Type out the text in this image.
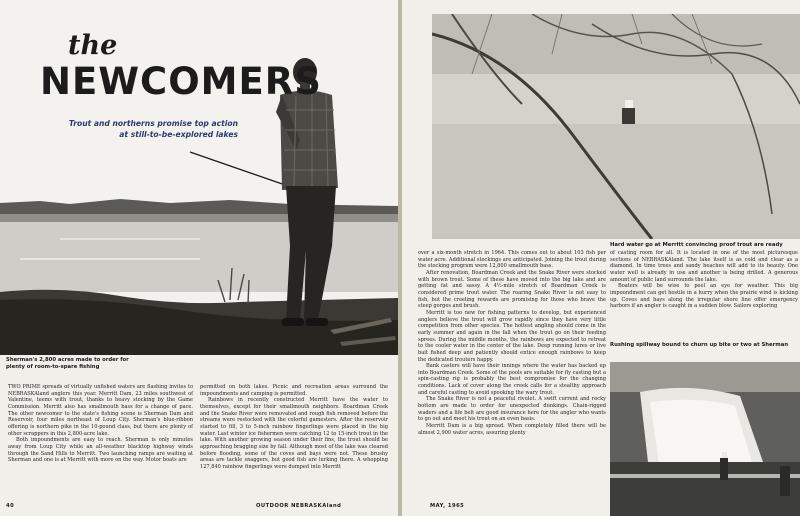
the
NEWCOMERS
Trout and northerns promise top action at still-to-be-explored lakes
Sherman's 2,800 acres made to order for plenty of room-to-spare fishing

TWO PRIME spreads of virtually unfished waters are flashing invites to NEBRASKAland anglers this year. Merritt Dam, 23 miles southwest of Valentine, teems with trout, thanks to heavy stocking by the Game Commission. Merritt also has smallmouth bass for a change of pace. The other newcomer to the state's fishing scene is Sherman Dam and Reservoir, four miles northeast of Loup City. Sherman's blue-ribbon offering is northern pike in the 10-pound class, but there are plenty of other scrappers in this 2,800-acre lake.

Both impoundments are easy to reach. Sherman is only minutes away from Loup City while an all-weather blacktop highway winds through the Sand Hills to Merritt. Two launching ramps are waiting at Sherman and one is at Merritt with more on the way. Motor boats are

permitted on both lakes. Picnic and recreation areas surround the impoundments and camping is permitted.

Rainbows in recently constructed Merritt have the water to themselves, except for their smallmouth neighbors. Boardman Creek and the Snake River were removated and rough fish removed before the streams were restocked with the colorful gamesters. After the reservoir started to fill, 3 to 5-inch rainbow fingerlings were placed in the big water. Last winter ice fishermen were catching 12 to 15-inch trout in the lake. With another growing season under their fins, the trout should be approaching bragging size by fall. Although most of the lake was cleared before flooding, some of the coves and bays were not. These brushy areas are tackle snaggers, but good fish are lurking there. A whopping 127,840 rainbow fingerlings were dumped into Merritt

40	OUTDOOR NEBRASKAland
Hard water go at Merritt convincing proof trout are ready

over a six-month stretch in 1964. This comes out to about 103 fish per water acre. Additional stockings are anticipated. Joining the trout during the stocking program were 12,800 smallmouth bass.

After renovation, Boardman Creek and the Snake River were stocked with brown trout. Some of these have moved into the big lake and are getting fat and sassy. A 4½-mile stretch of Boardman Creek is considered prime trout water. The roaring Snake River is not easy to fish, but the creeling rewards are promising for those who brave the steep gorges and brush.

Merritt is too new for fishing patterns to develop, but experienced anglers believe the trout will grow rapidly since they have very little competition from other species. The hottest angling should come in the early summer and again in the fall when the trout go on their feeding sprees. During the middle months, the rainbows are expected to retreat to the cooler water in the center of the lake. Deep running lures or live bait fished deep and patiently should entice enough rainbows to keep the dedicated trouters happy.

Bank casters will have their innings where the water has backed up into Boardman Creek. Some of the pools are suitable for fly casting but a spin-casting rig is probably the best compromise for the changing conditions. Lack of cover along the creek calls for a stealthy approach and careful casting to avoid spooking the wary trout.

The Snake River is not a peaceful rivulet. A swift current and rocky bottom are made to order for unexpected dunkings. Chain-rigged waders and a life belt are good insurance here for the angler who wants to go out and meet his trout on an even basis.

Merritt Dam is a big spread. When completely filled there will be almost 2,900 water acres, assuring plenty

of casting room for all. It is located in one of the most picturesque sections of NEBRASKAland. The lake itself is as cold and clear as a diamond. In time trees and sandy beaches will add to its beauty. One water well is already in use and another is being drilled. A generous amount of public land surrounds the lake.

Boaters will be wise to peel an eye for weather. This big impoundment can get hostile in a hurry when the prairie wind is kicking up. Coves and bays along the irregular shore line offer emergency harbors if an angler is caught in a sudden blow. Sailors exploring

Rushing spillway bound to churn up bite or two at Sherman
MAY, 1965
